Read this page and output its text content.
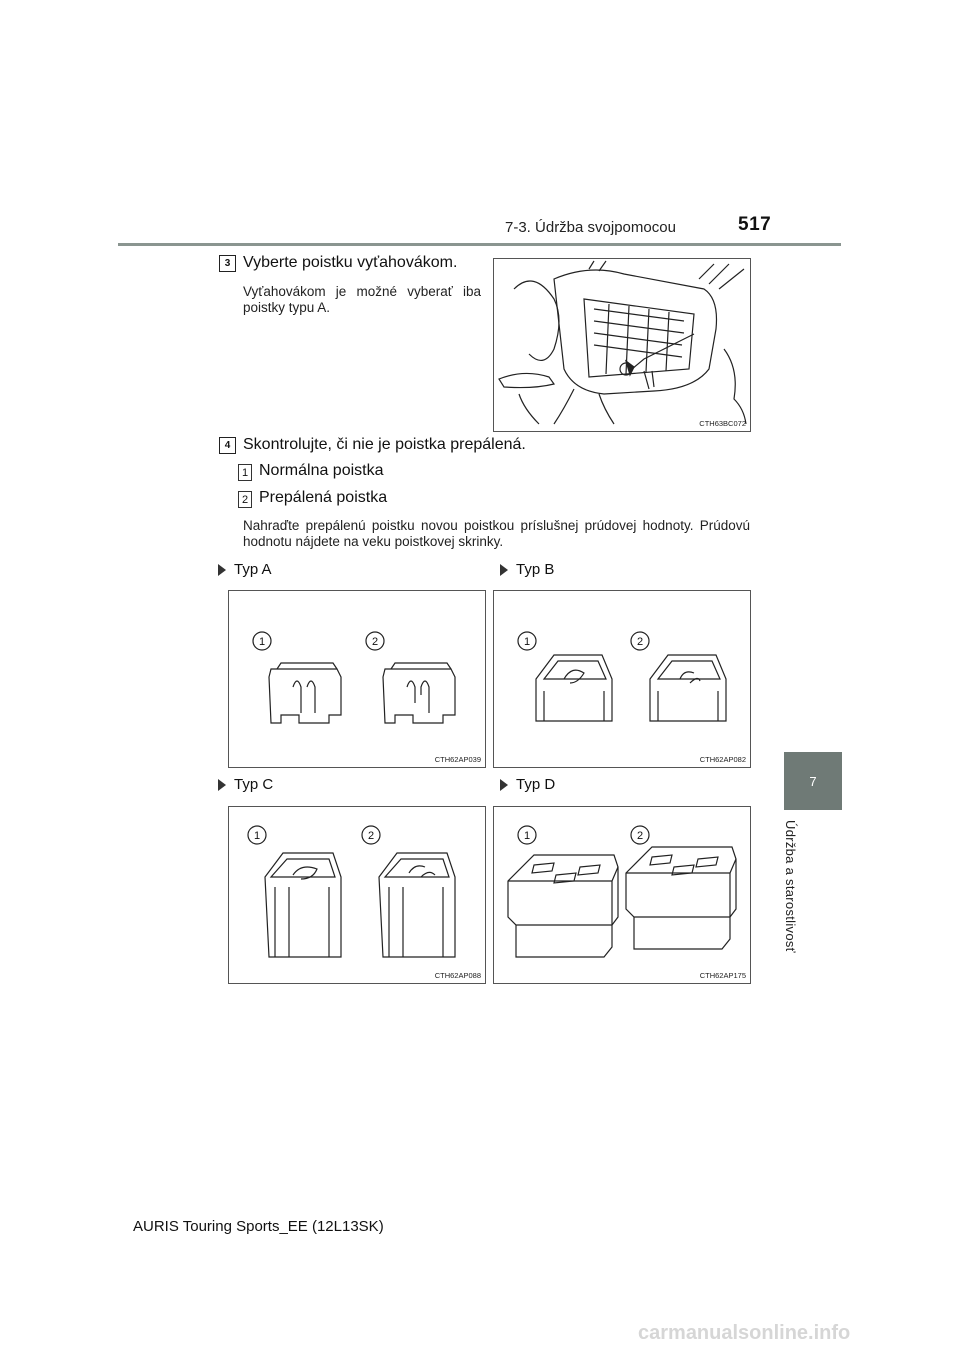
7-3. Údržba svojpomocou	517
7
Údržba a starostlivosť
3 Vyberte poistku vyťahovákom.
Vyťahovákom je možné vyberať iba poistky typu A.
CTH63BC072
4 Skontrolujte, či nie je poistka prepálená.
1 Normálna poistka
2 Prepálená poistka
Nahraďte prepálenú poistku novou poistkou príslušnej prúdovej hodnoty. Prúdovú hodnotu nájdete na veku poistkovej skrinky.
Typ A	Typ B
1	2
CTH62AP039
1	2
CTH62AP082
Typ C	Typ D
1	2
CTH62AP088
1	2
CTH62AP175
AURIS Touring Sports_EE (12L13SK)
carmanualsonline.info
